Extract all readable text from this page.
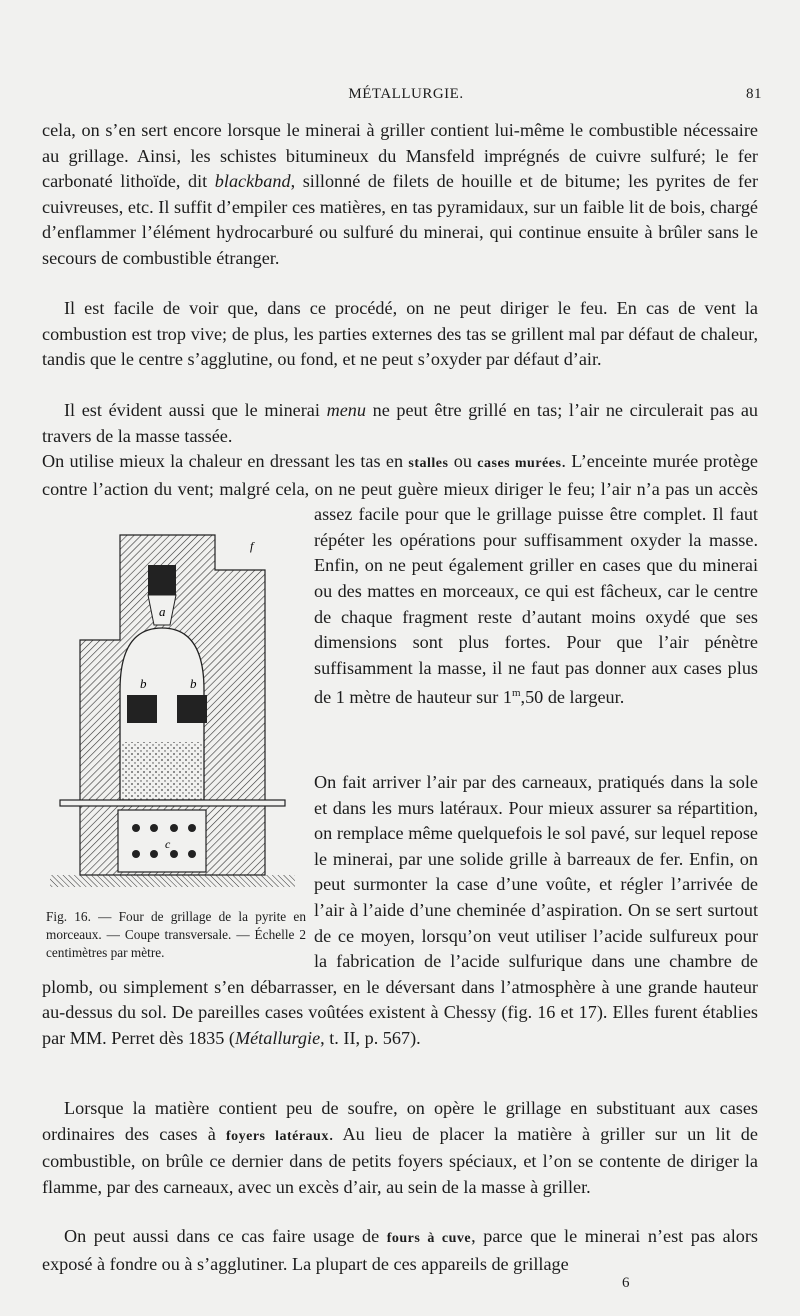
MÉTALLURGIE.	81

cela, on s’en sert encore lorsque le minerai à griller contient lui-même le combustible nécessaire au grillage. Ainsi, les schistes bitumineux du Mansfeld imprégnés de cuivre sulfuré; le fer carbonaté lithoïde, dit blackband, sillonné de filets de houille et de bitume; les pyrites de fer cuivreuses, etc. Il suffit d’empiler ces matières, en tas pyramidaux, sur un faible lit de bois, chargé d’enflammer l’élément hydrocarburé ou sulfuré du minerai, qui continue ensuite à brûler sans le secours de combustible étranger.

Il est facile de voir que, dans ce procédé, on ne peut diriger le feu. En cas de vent la combustion est trop vive; de plus, les parties externes des tas se grillent mal par défaut de chaleur, tandis que le centre s’agglutine, ou fond, et ne peut s’oxyder par défaut d’air.

Il est évident aussi que le minerai menu ne peut être grillé en tas; l’air ne circulerait pas au travers de la masse tassée.

On utilise mieux la chaleur en dressant les tas en stalles ou cases murées. L’enceinte murée protège contre l’action du vent; malgré cela, on ne peut guère mieux diriger le feu; l’air n’a pas un accès assez facile pour que le grillage puisse être complet. Il faut répéter les opérations pour suffisamment oxyder la masse. Enfin, on ne peut également griller en cases que du minerai ou des mattes en morceaux, ce qui est fâcheux, car le centre de chaque fragment reste d’autant moins oxydé que ses dimensions sont plus fortes. Pour que l’air pénètre suffisamment la masse, il ne faut pas donner aux cases plus de 1 mètre de hauteur sur 1$^m$,50 de largeur.

On fait arriver l’air par des carneaux, pratiqués dans la sole et dans les murs latéraux. Pour mieux assurer sa répartition, on remplace même quelquefois le sol pavé, sur lequel repose le minerai, par une solide grille à barreaux de fer. Enfin, on peut surmonter la case d’une voûte, et régler l’arrivée de l’air à l’aide d’une cheminée d’aspiration. On se sert surtout de ce moyen, lorsqu’on veut utiliser l’acide sulfureux pour la fabrication de l’acide sulfurique dans une chambre de plomb, ou simplement s’en débarrasser, en le déversant dans l’atmosphère à une grande hauteur au-dessus du sol. De pareilles cases voûtées existent à Chessy (fig. 16 et 17). Elles furent établies par MM. Perret dès 1835 (Métallurgie, t. II, p. 567).

Lorsque la matière contient peu de soufre, on opère le grillage en substituant aux cases ordinaires des cases à foyers latéraux. Au lieu de placer la matière à griller sur un lit de combustible, on brûle ce dernier dans de petits foyers spéciaux, et l’on se contente de diriger la flamme, par des carneaux, avec un excès d’air, au sein de la masse à griller.

On peut aussi dans ce cas faire usage de fours à cuve, parce que le minerai n’est pas alors exposé à fondre ou à s’agglutiner. La plupart de ces appareils de grillage

a
b	b
c
f

Fig. 16. — Four de grillage de la pyrite en morceaux. — Coupe transversale. — Échelle 2 centimètres par mètre.

6
